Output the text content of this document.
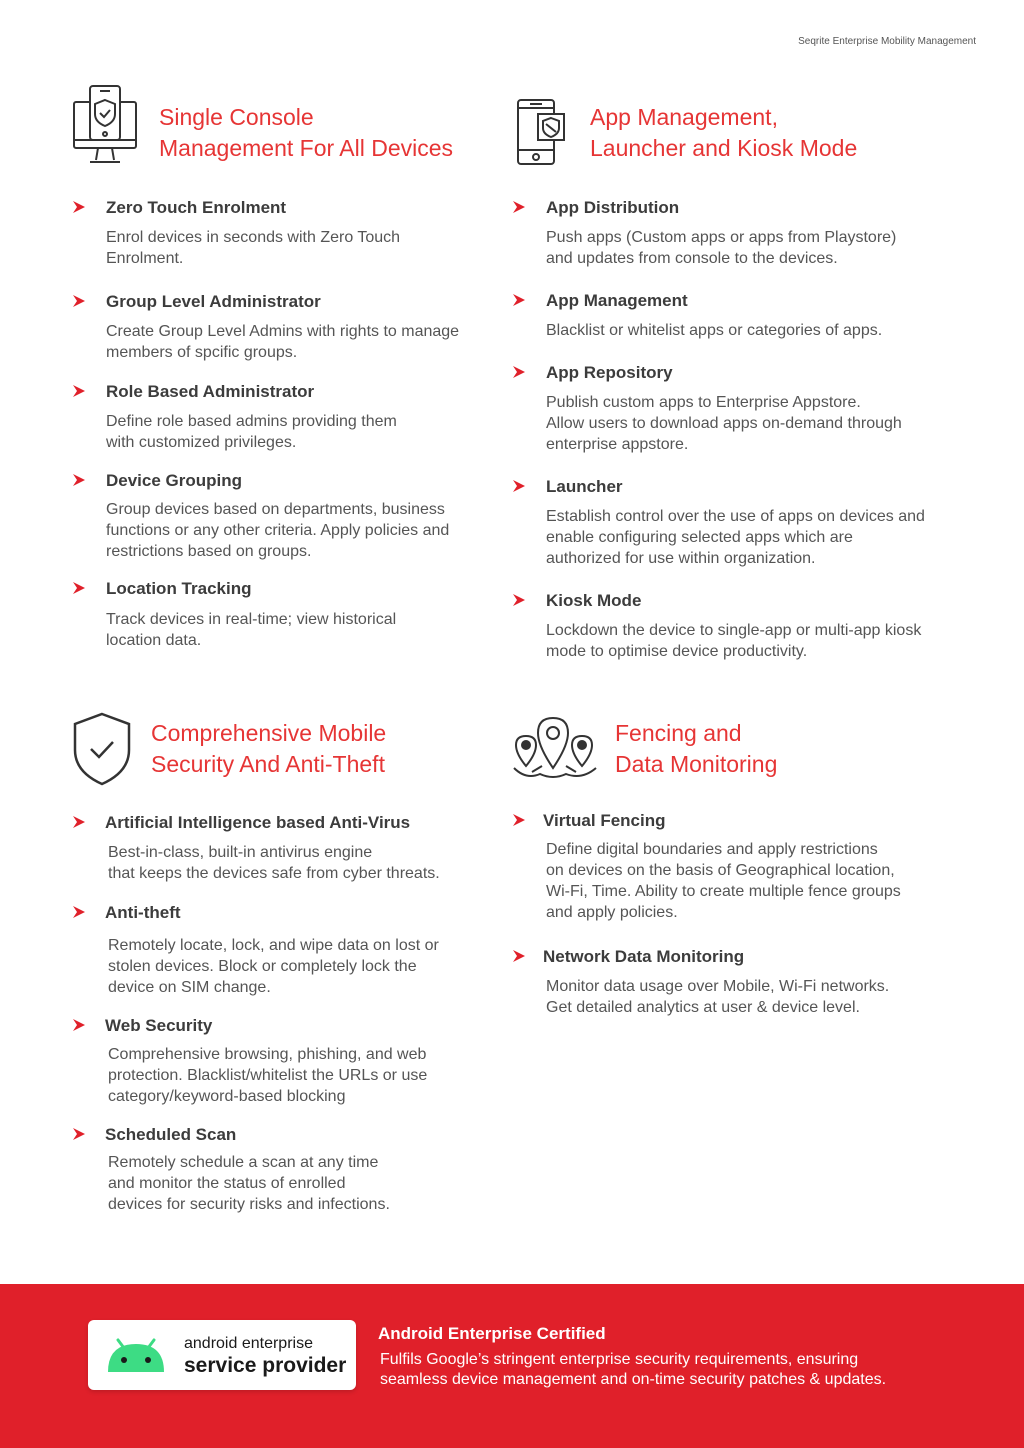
Seqrite Enterprise Mobility Management
Single Console
Management For All Devices
Zero Touch Enrolment

Enrol devices in seconds with Zero Touch
Enrolment.

Group Level Administrator

Create Group Level Admins with rights to manage
members of spcific groups.

Role Based Administrator

Define role based admins providing them
with customized privileges.

Device Grouping

Group devices based on departments, business
functions or any other criteria. Apply policies and
restrictions based on groups.

Location Tracking

Track devices in real-time; view historical
location data.

App Management,
Launcher and Kiosk Mode
App Distribution

Push apps (Custom apps or apps from Playstore)
and updates from console to the devices.

App Management

Blacklist or whitelist apps or categories of apps.

App Repository

Publish custom apps to Enterprise Appstore.
Allow users to download apps on-demand through
enterprise appstore.

Launcher

Establish control over the use of apps on devices and
enable configuring selected apps which are
authorized for use within organization.

Kiosk Mode

Lockdown the device to single-app or multi-app kiosk
mode to optimise device productivity.

Comprehensive Mobile
Security And Anti-Theft
Artificial Intelligence based Anti-Virus

Best-in-class, built-in antivirus engine
that keeps the devices safe from cyber threats.

Anti-theft

Remotely locate, lock, and wipe data on lost or
stolen devices. Block or completely lock the
device on SIM change.

Web Security

Comprehensive browsing, phishing, and web
protection. Blacklist/whitelist the URLs or use
category/keyword-based blocking

Scheduled Scan

Remotely schedule a scan at any time
and monitor the status of enrolled
devices for security risks and infections.

Fencing and
Data Monitoring
Virtual Fencing

Define digital boundaries and apply restrictions
on devices on the basis of Geographical location,
Wi-Fi, Time. Ability to create multiple fence groups
and apply policies.

Network Data Monitoring

Monitor data usage over Mobile, Wi-Fi networks.
Get detailed analytics at user & device level.

android enterprise
service provider
Android Enterprise Certified

Fulfils Google’s stringent enterprise security requirements, ensuring
seamless device management and on-time security patches & updates.
